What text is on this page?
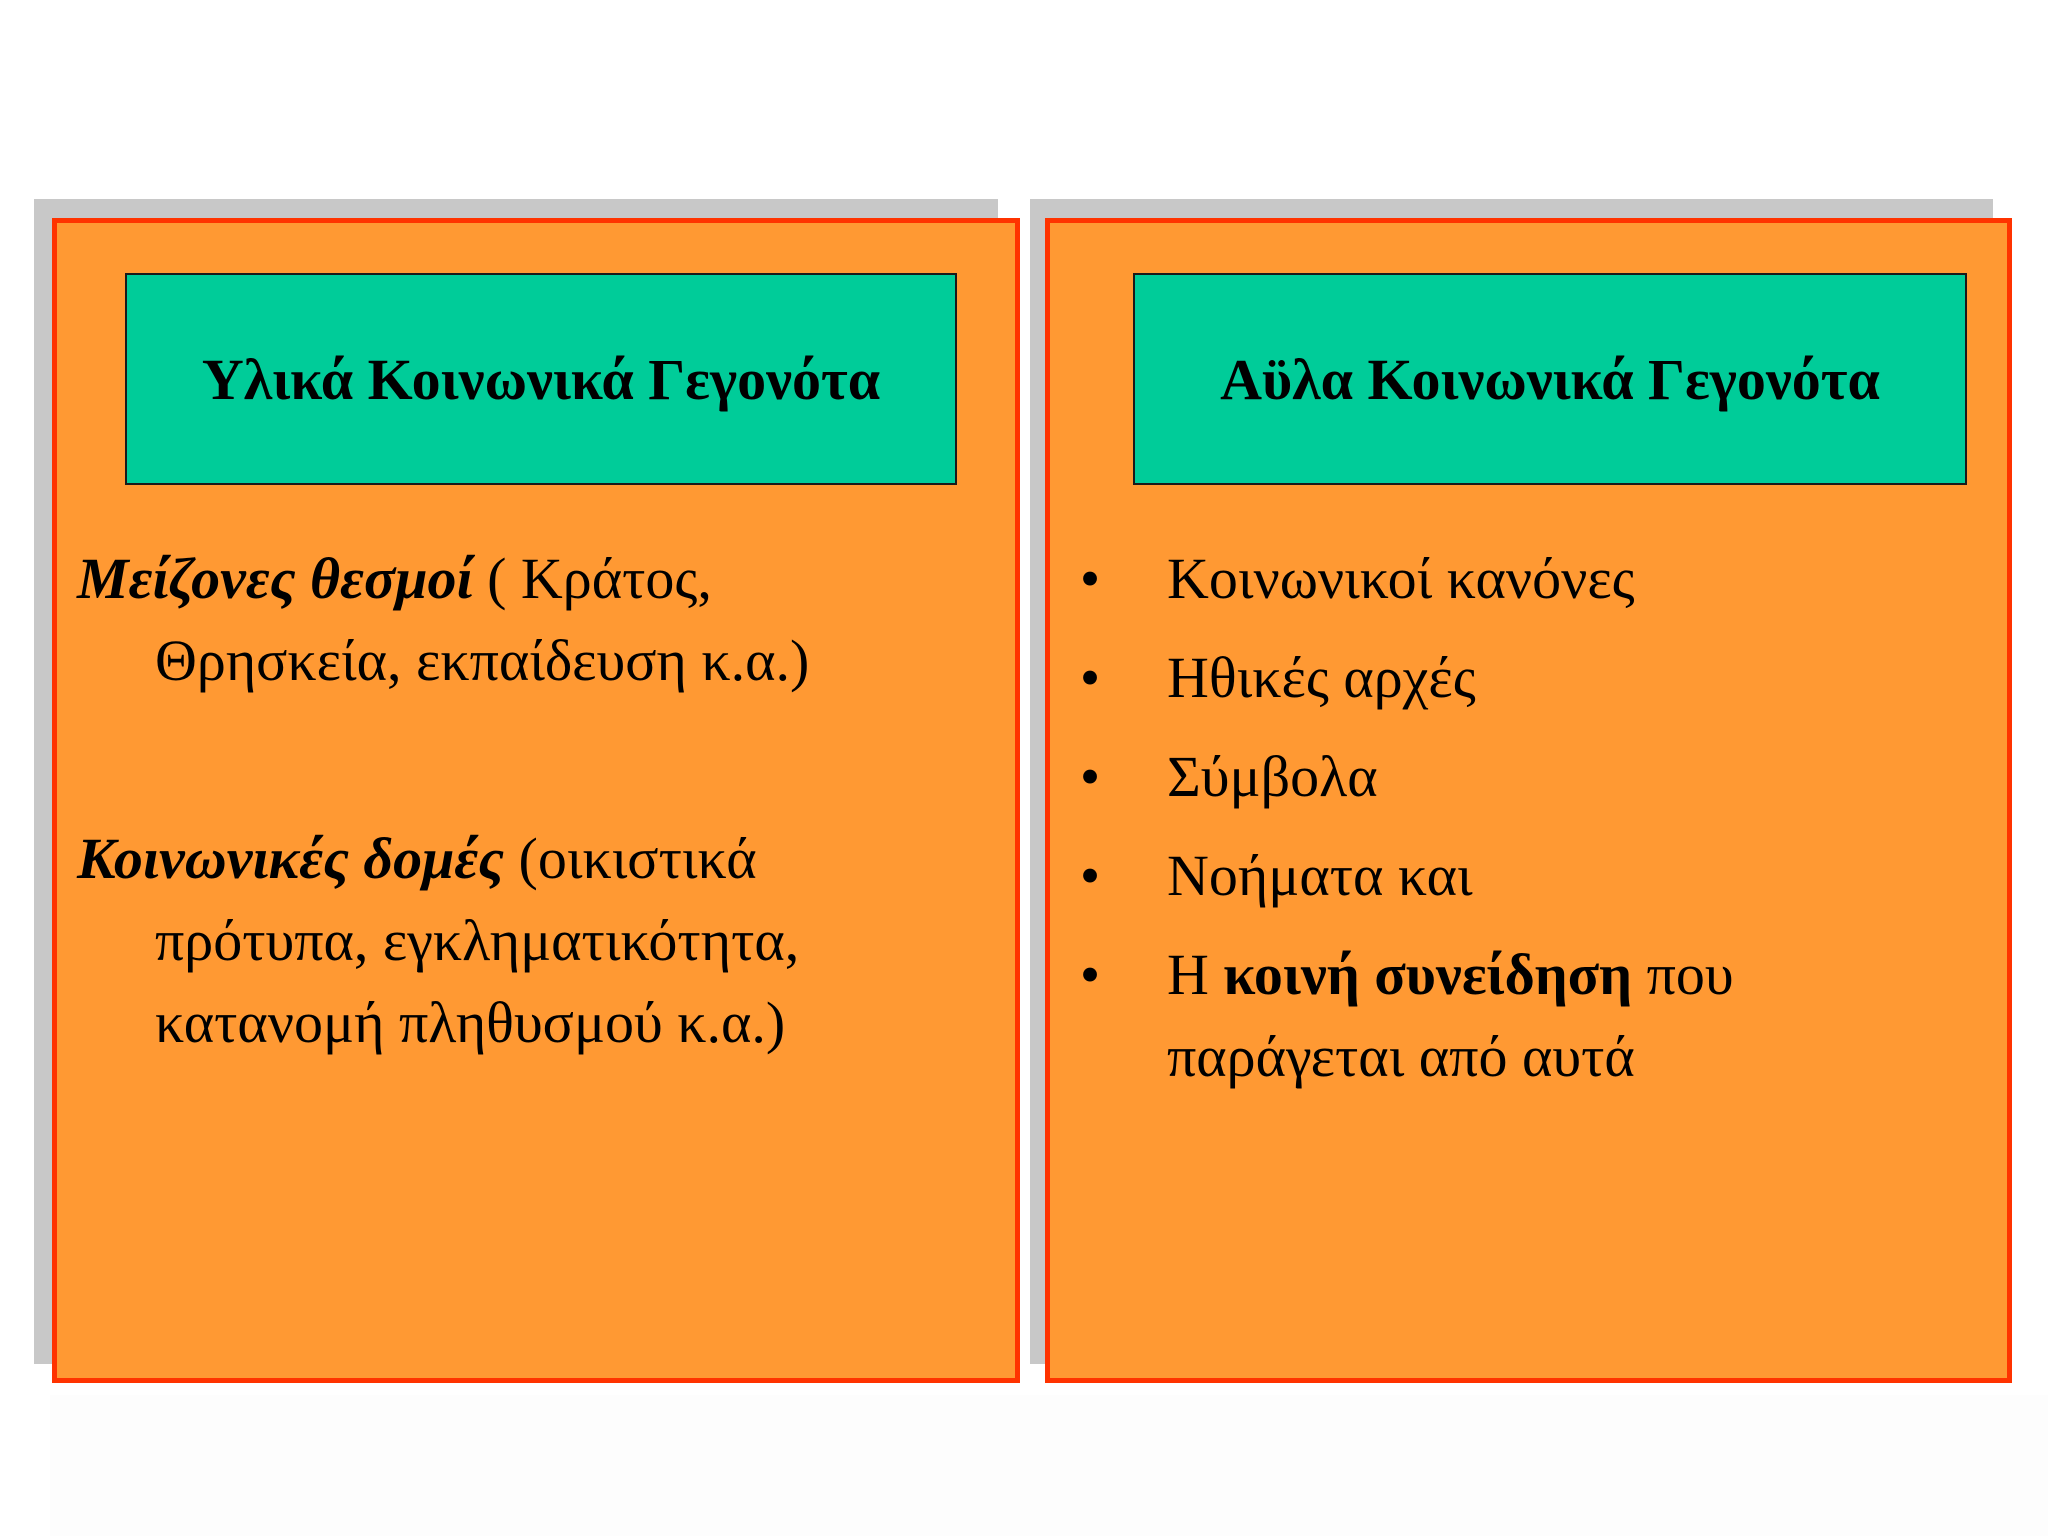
Υλικά Κοινωνικά Γεγονότα
Μείζονες θεσμοί ( Κράτος,
Θρησκεία, εκπαίδευση κ.α.)
Κοινωνικές δομές (οικιστικά
πρότυπα, εγκληματικότητα,
κατανομή πληθυσμού κ.α.)
Αϋλα Κοινωνικά Γεγονότα
• Κοινωνικοί κανόνες
• Ηθικές αρχές
• Σύμβολα
• Νοήματα και
• Η κοινή συνείδηση που
παράγεται από αυτά
